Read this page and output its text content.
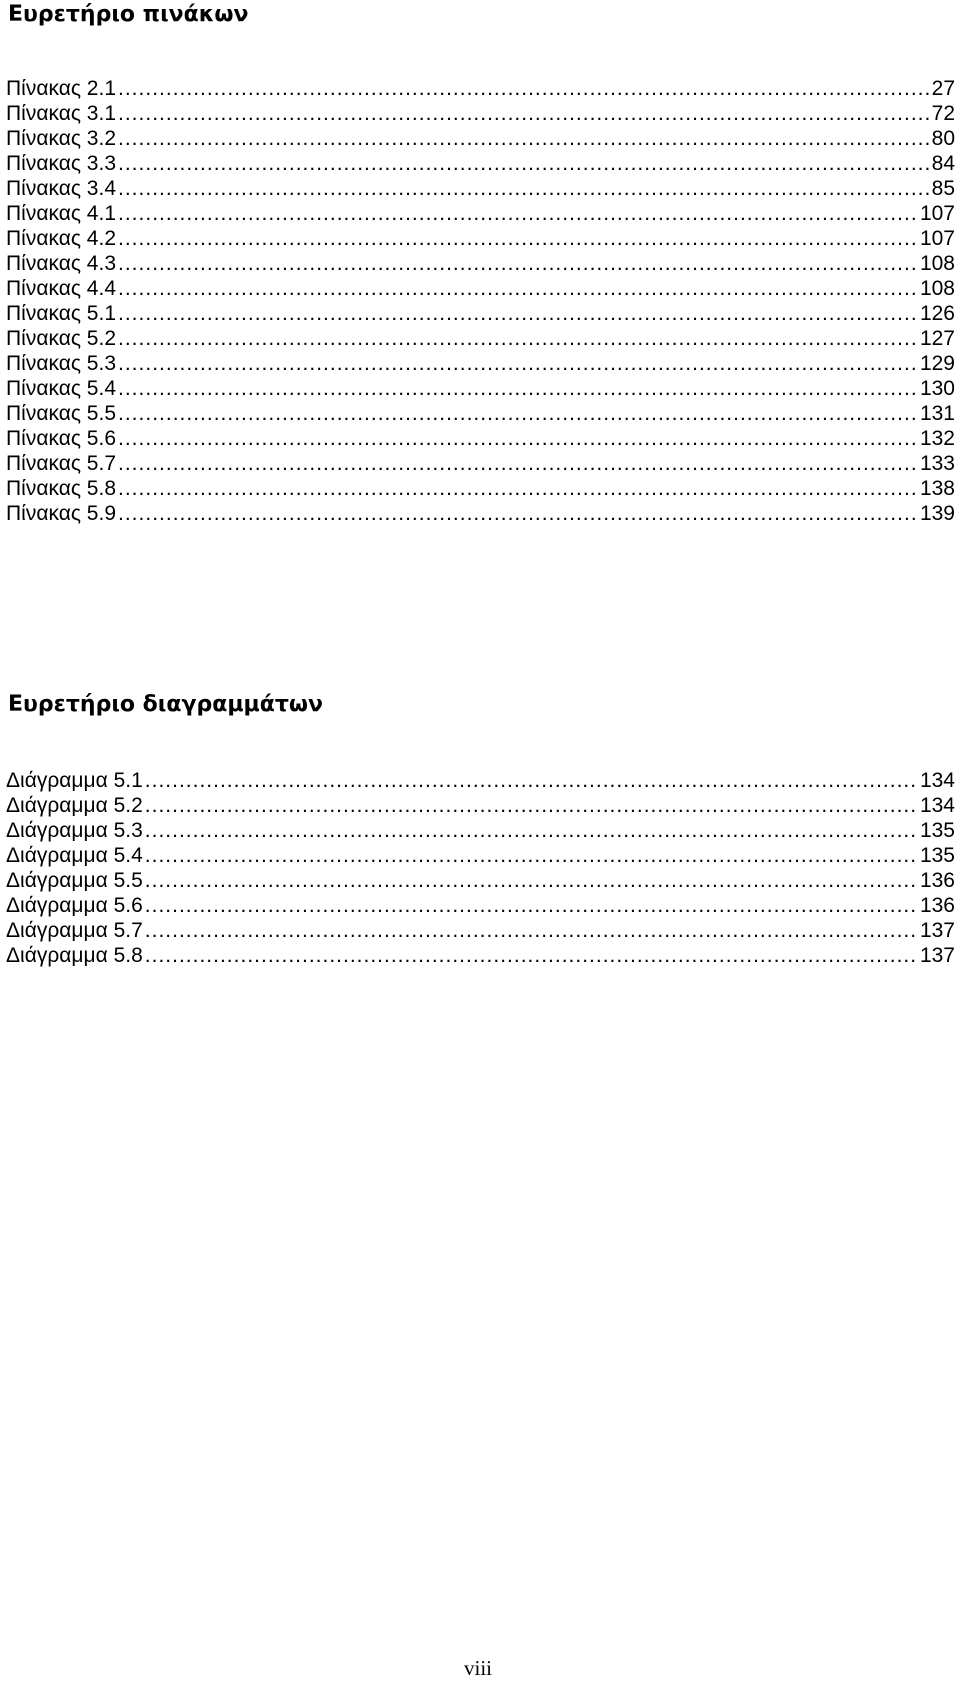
Ευρετήριο πινάκων
Πίνακας 2.1 .....	27
Πίνακας 3.1 .....	72
Πίνακας 3.2 .....	80
Πίνακας 3.3 .....	84
Πίνακας 3.4 .....	85
Πίνακας 4.1 .....	107
Πίνακας 4.2 .....	107
Πίνακας 4.3 .....	108
Πίνακας 4.4 .....	108
Πίνακας 5.1 .....	126
Πίνακας 5.2 .....	127
Πίνακας 5.3 .....	129
Πίνακας 5.4 .....	130
Πίνακας 5.5 .....	131
Πίνακας 5.6 .....	132
Πίνακας 5.7 .....	133
Πίνακας 5.8 .....	138
Πίνακας 5.9 .....	139
Ευρετήριο διαγραμμάτων
Διάγραμμα 5.1 .....	134
Διάγραμμα 5.2 .....	134
Διάγραμμα 5.3 .....	135
Διάγραμμα 5.4 .....	135
Διάγραμμα 5.5 .....	136
Διάγραμμα 5.6 .....	136
Διάγραμμα 5.7 .....	137
Διάγραμμα 5.8 .....	137
viii
